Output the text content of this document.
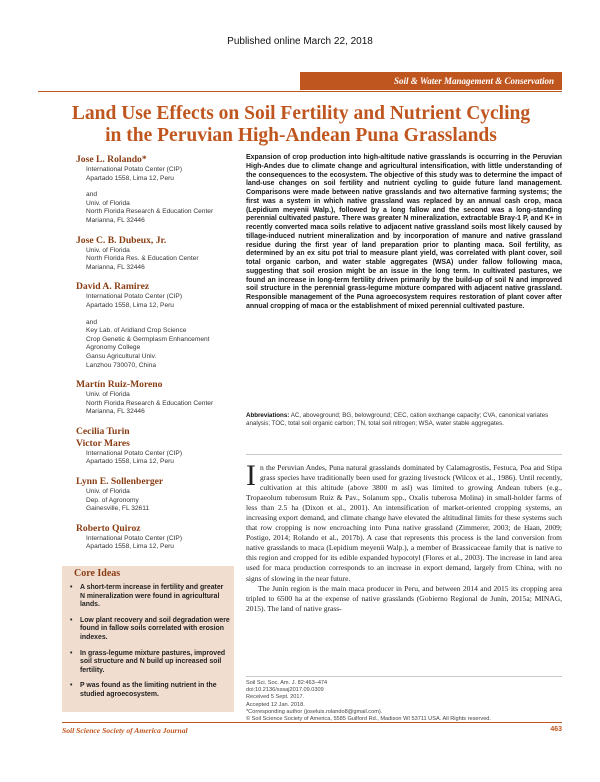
Published online March 22, 2018
Soil & Water Management & Conservation
Land Use Effects on Soil Fertility and Nutrient Cycling
in the Peruvian High-Andean Puna Grasslands
Jose L. Rolando*
International Potato Center (CIP)
Apartado 1558, Lima 12, Peru
and
Univ. of Florida
North Florida Research & Education Center
Marianna, FL 32446
Jose C. B. Dubeux, Jr.
Univ. of Florida
North Florida Res. & Education Center
Marianna, FL 32446
David A. Ramirez
International Potato Center (CIP)
Apartado 1558, Lima 12, Peru
and
Key Lab. of Aridland Crop Science
Crop Genetic & Germplasm Enhancement
Agronomy College
Gansu Agricultural Univ.
Lanzhou 730070, China
Martín Ruiz-Moreno
Univ. of Florida
North Florida Research & Education Center
Marianna, FL 32446
Cecilia Turin
Victor Mares
International Potato Center (CIP)
Apartado 1558, Lima 12, Peru
Lynn E. Sollenberger
Univ. of Florida
Dep. of Agronomy
Gainesville, FL 32611
Roberto Quiroz
International Potato Center (CIP)
Apartado 1558, Lima 12, Peru
Core Ideas
• A short-term increase in fertility and greater N mineralization were found in agricultural lands.
• Low plant recovery and soil degradation were found in fallow soils correlated with erosion indexes.
• In grass-legume mixture pastures, improved soil structure and N build up increased soil fertility.
• P was found as the limiting nutrient in the studied agroecosystem.
Expansion of crop production into high-altitude native grasslands is occurring in the Peruvian High-Andes due to climate change and agricultural intensification, with little understanding of the consequences to the ecosystem. The objective of this study was to determine the impact of land-use changes on soil fertility and nutrient cycling to guide future land management. Comparisons were made between native grasslands and two alternative farming systems; the first was a system in which native grassland was replaced by an annual cash crop, maca (Lepidium meyenii Walp.), followed by a long fallow and the second was a long-standing perennial cultivated pasture. There was greater N mineralization, extractable Bray-1 P, and K+ in recently converted maca soils relative to adjacent native grassland soils most likely caused by tillage-induced nutrient mineralization and by incorporation of manure and native grassland residue during the first year of land preparation prior to planting maca. Soil fertility, as determined by an ex situ pot trial to measure plant yield, was correlated with plant cover, soil total organic carbon, and water stable aggregates (WSA) under fallow following maca, suggesting that soil erosion might be an issue in the long term. In cultivated pastures, we found an increase in long-term fertility driven primarily by the build-up of soil N and improved soil structure in the perennial grass-legume mixture compared with adjacent native grassland. Responsible management of the Puna agroecosystem requires restoration of plant cover after annual cropping of maca or the establishment of mixed perennial cultivated pasture.
Abbreviations: AC, aboveground; BG, belowground; CEC, cation exchange capacity; CVA, canonical variates analysis; TOC, total soil organic carbon; TN, total soil nitrogen; WSA, water stable aggregates.

In the Peruvian Andes, Puna natural grasslands dominated by Calamagrostis, Festuca, Poa and Stipa grass species have traditionally been used for grazing livestock (Wilcox et al., 1986). Until recently, cultivation at this altitude (above 3800 m asl) was limited to growing Andean tubers (e.g., Tropaeolum tuberosum Ruiz & Pav., Solanum spp., Oxalis tuberosa Molina) in small-holder farms of less than 2.5 ha (Dixon et al., 2001). An intensification of market-oriented cropping systems, an increasing export demand, and climate change have elevated the altitudinal limits for these systems such that row cropping is now encroaching into Puna native grassland (Zimmerer, 2003; de Haan, 2009; Postigo, 2014; Rolando et al., 2017b). A case that represents this process is the land conversion from native grasslands to maca (Lepidium meyenii Walp.), a member of Brassicaceae family that is native to this region and cropped for its edible expanded hypocotyl (Flores et al., 2003). The increase in land area used for maca production corresponds to an increase in export demand, largely from China, with no signs of slowing in the near future.

The Junín region is the main maca producer in Peru, and between 2014 and 2015 its cropping area tripled to 6500 ha at the expense of native grasslands (Gobierno Regional de Junín, 2015a; MINAG, 2015). The land of native grass-

Soil Sci. Soc. Am. J. 82:463–474
doi:10.2136/sssaj2017.09.0309
Received 5 Sept. 2017.
Accepted 12 Jan. 2018.
*Corresponding author (joseluis.rolando8@gmail.com).
© Soil Science Society of America, 5585 Guilford Rd., Madison WI 53711 USA. All Rights reserved.
Soil Science Society of America Journal	463
